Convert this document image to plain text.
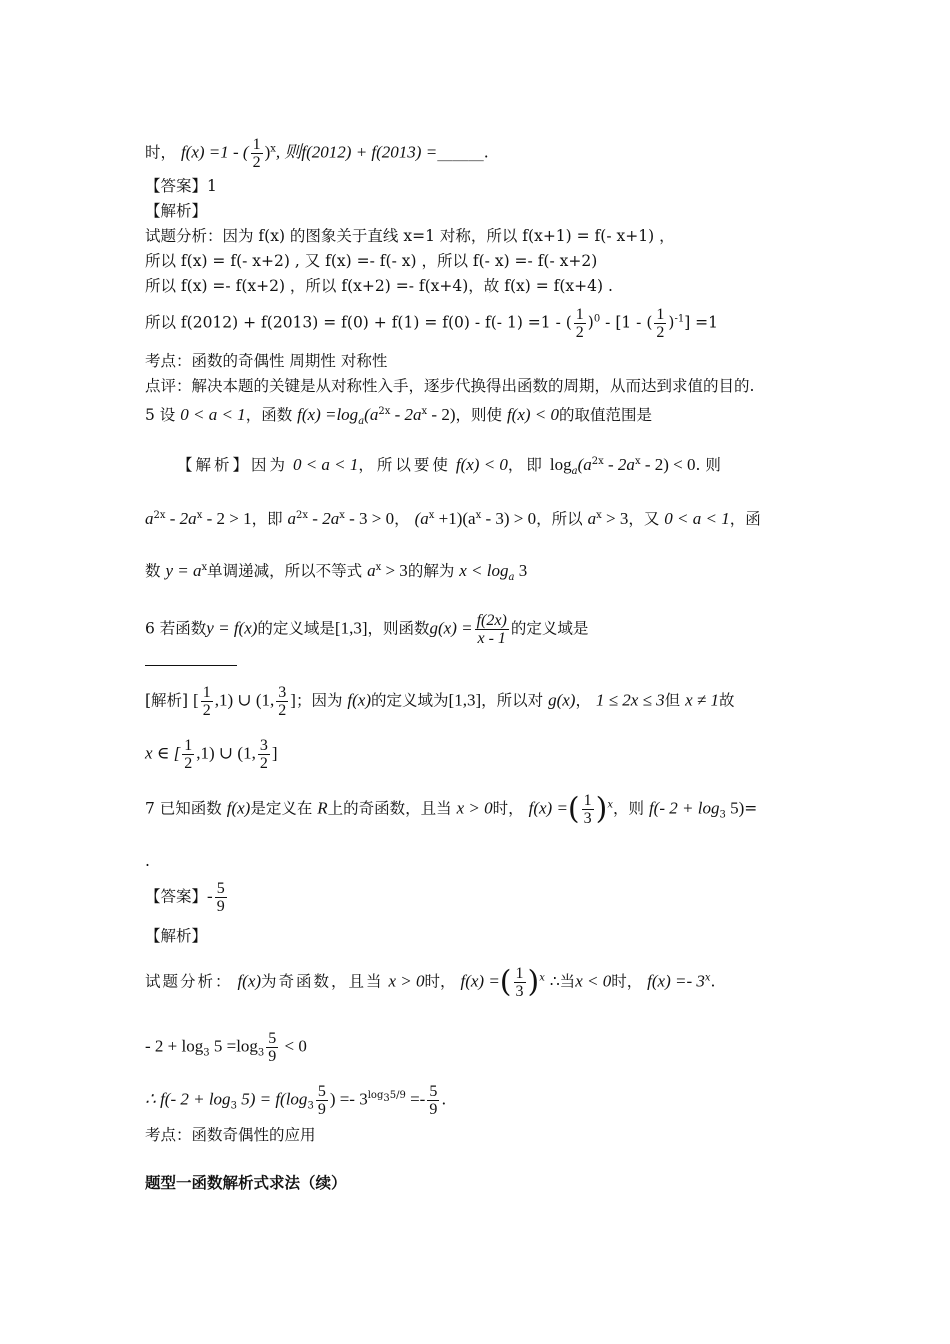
时， f(x) =1 - ( $\frac{1}{2} )^x$, 则f(2012) + f(2013) =______.
【答案】1
【解析】
试题分析：因为 f(x) 的图象关于直线 x=1 对称，所以 f(x+1) = f(- x+1) ，
所以 f(x) = f(- x+2) , 又 f(x) =- f(- x) ，所以 f(- x) =- f(- x+2)
所以 f(x) =- f(x+2) ，所以 f(x+2) =- f(x+4)，故 f(x) = f(x+4) .
所以 f(2012) + f(2013) = f(0) + f(1) = f(0) - f(- 1) =1 - ( $\frac{1}{2} )^0 - [1$ - ( $\frac{1}{2} )^{-1}] =1$
考点：函数的奇偶性 周期性 对称性
点评：解决本题的关键是从对称性入手，逐步代换得出函数的周期，从而达到求值的目的.
5 设 0 < a < 1，函数 $f(x) =\log_a(a^{2x} - 2a^x - 2)$，则使 f(x) < 0的取值范围是
【解析】因为 0 < a < 1，所以要使 f(x) < 0，即 $\log_a(a^{2x} - 2a^x - 2) < 0$. 则
$a^{2x} - 2a^x - 2 > 1$，即 $a^{2x} - 2a^x - 3 > 0$， $(a^x +1)(a^x - 3) > 0$，所以 $a^x > 3$，又 0 < a < 1，函
数 $y = a^x$单调递减，所以不等式 $a^x > 3$的解为 $x < \log_a 3$
6 若函数y = f(x)的定义域是[1,3]，则函数$g(x) = \frac{f(2x)}{x - 1}$ 的定义域是
[解析] [ $\frac{1}{2} ,1$) ∪ (1, $\frac{3}{2}$ ]；因为 f(x)的定义域为[1,3]，所以对 g(x)， 1 ≤ 2x ≤ 3但 x ≠ 1故
x ∈ [ $\frac{1}{2} ,1$) ∪ (1, $\frac{3}{2}$ ]
7 已知函数 f(x)是定义在 R上的奇函数，且当 x > 0时， f(x) =( $\frac{1}{3} )^x$，则 f(- $2 + \log_3 5)=$
.
【答案】- $\frac{5}{9}$
【解析】
试题分析： f(x)为奇函数，且当 x > 0时， f(x) =( $\frac{1}{3} )^x$ ∴当x < 0时， f(x) =- 3$^x$.
- $2 + \log_3 5 =\log_3 \frac{5}{9} < 0$
∴ f(- $2 + \log_3 5) = f(\log_3 \frac{5}{9}$ ) =- $3^{log_35/9} =- \frac{5}{9}$ .
考点：函数奇偶性的应用
题型一函数解析式求法（续）
